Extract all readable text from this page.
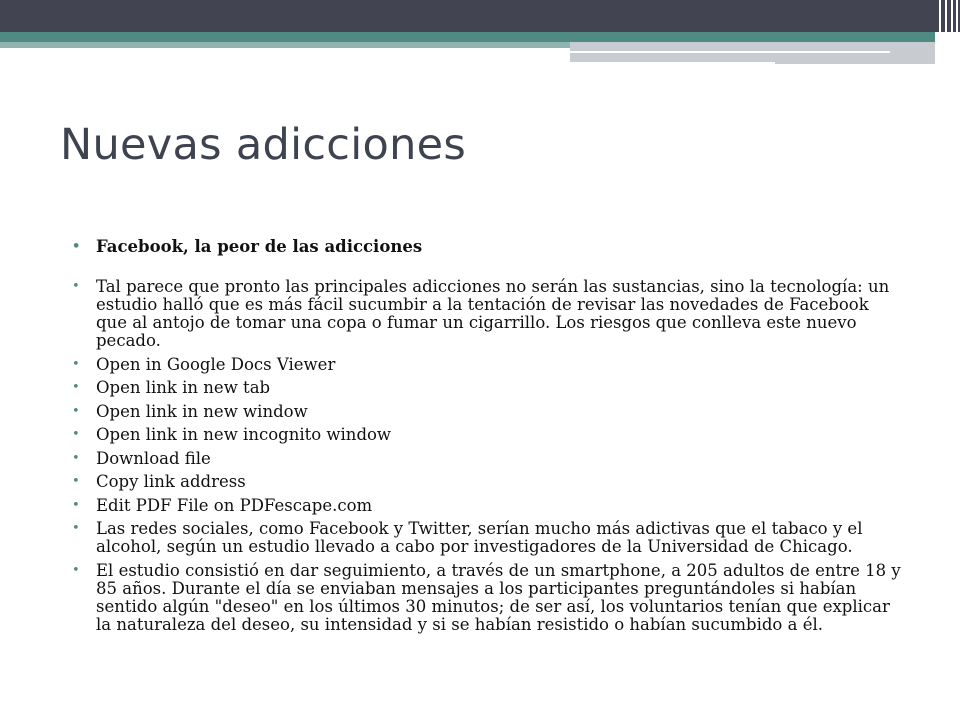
Nuevas adicciones
• Facebook, la peor de las adicciones
• Tal parece que pronto las principales adicciones no serán las sustancias, sino la tecnología: un estudio halló que es más fácil sucumbir a la tentación de revisar las novedades de Facebook que al antojo de tomar una copa o fumar un cigarrillo. Los riesgos que conlleva este nuevo pecado.
• Open in Google Docs Viewer
• Open link in new tab
• Open link in new window
• Open link in new incognito window
• Download file
• Copy link address
• Edit PDF File on PDFescape.com
• Las redes sociales, como Facebook y Twitter, serían mucho más adictivas que el tabaco y el alcohol, según un estudio llevado a cabo por investigadores de la Universidad de Chicago.
• El estudio consistió en dar seguimiento, a través de un smartphone, a 205 adultos de entre 18 y 85 años. Durante el día se enviaban mensajes a los participantes preguntándoles si habían sentido algún "deseo" en los últimos 30 minutos; de ser así, los voluntarios tenían que explicar la naturaleza del deseo, su intensidad y si se habían resistido o habían sucumbido a él.
